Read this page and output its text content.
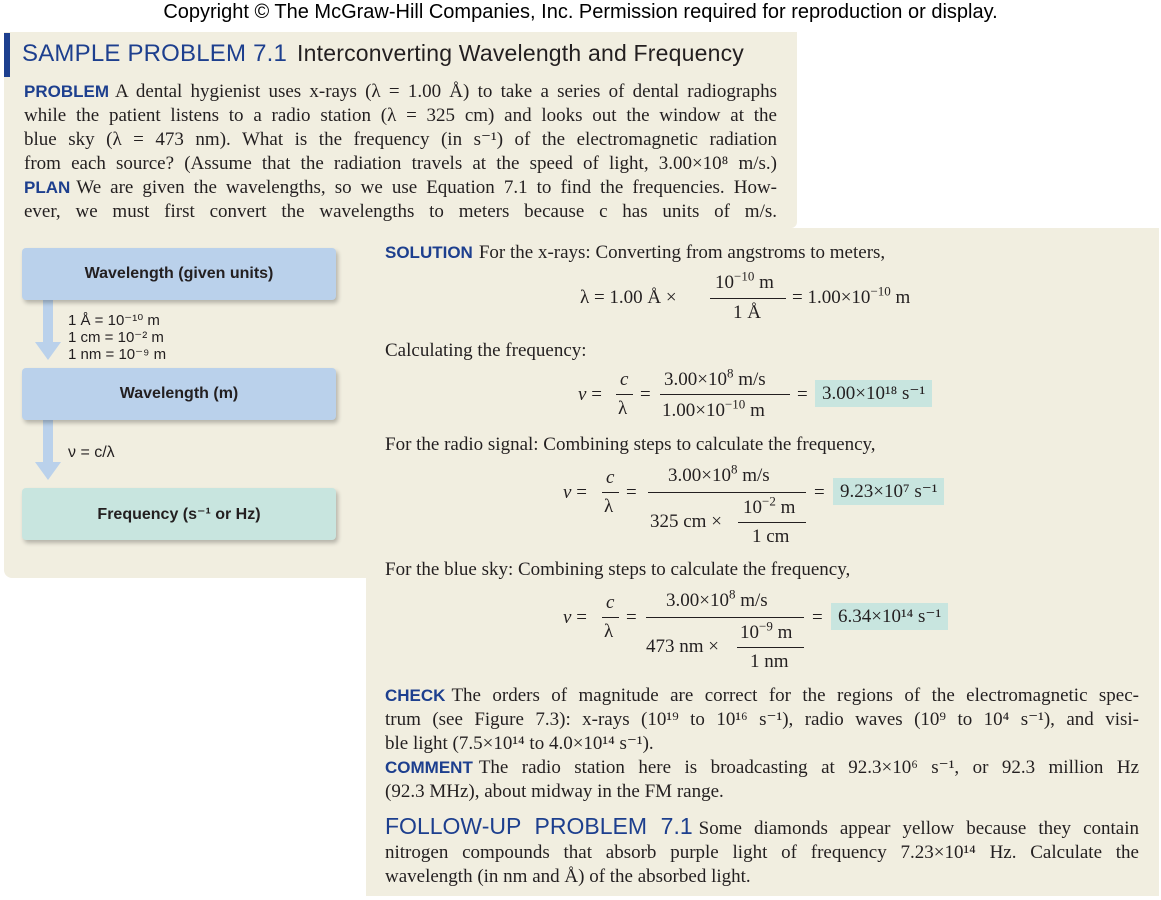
Copyright © The McGraw-Hill Companies, Inc. Permission required for reproduction or display.
SAMPLE PROBLEM 7.1 Interconverting Wavelength and Frequency
PROBLEM A dental hygienist uses x-rays (λ = 1.00 Å) to take a series of dental radiographs
while the patient listens to a radio station (λ = 325 cm) and looks out the window at the
blue sky (λ = 473 nm). What is the frequency (in s⁻¹) of the electromagnetic radiation
from each source? (Assume that the radiation travels at the speed of light, 3.00×10⁸ m/s.)
PLAN We are given the wavelengths, so we use Equation 7.1 to find the frequencies. How-
ever, we must first convert the wavelengths to meters because c has units of m/s.
Wavelength (given units)
1 Å = 10⁻¹⁰ m
1 cm = 10⁻² m
1 nm = 10⁻⁹ m
Wavelength (m)
ν = c/λ
Frequency (s⁻¹ or Hz)
SOLUTION For the x-rays: Converting from angstroms to meters,
λ = 1.00 Å ×
$10^{-10}$ m
1 Å
= $1.00\times 10^{-10}$ m
Calculating the frequency:
ν =
c
λ
=
$3.00\times 10^8$ m/s
$1.00\times 10^{-10}$ m
= 3.00×10¹⁸ s⁻¹
For the radio signal: Combining steps to calculate the frequency,
ν =
c
λ
=
$3.00\times 10^8$ m/s
325 cm ×
$10^{-2}$ m
1 cm
= 9.23×10⁷ s⁻¹
For the blue sky: Combining steps to calculate the frequency,
ν =
c
λ
=
$3.00\times 10^8$ m/s
473 nm ×
$10^{-9}$ m
1 nm
= 6.34×10¹⁴ s⁻¹
CHECK The orders of magnitude are correct for the regions of the electromagnetic spec-
trum (see Figure 7.3): x-rays (10¹⁹ to 10¹⁶ s⁻¹), radio waves (10⁹ to 10⁴ s⁻¹), and visi-
ble light (7.5×10¹⁴ to 4.0×10¹⁴ s⁻¹).
COMMENT The radio station here is broadcasting at 92.3×10⁶ s⁻¹, or 92.3 million Hz
(92.3 MHz), about midway in the FM range.
FOLLOW-UP PROBLEM 7.1 Some diamonds appear yellow because they contain
nitrogen compounds that absorb purple light of frequency 7.23×10¹⁴ Hz. Calculate the
wavelength (in nm and Å) of the absorbed light.
